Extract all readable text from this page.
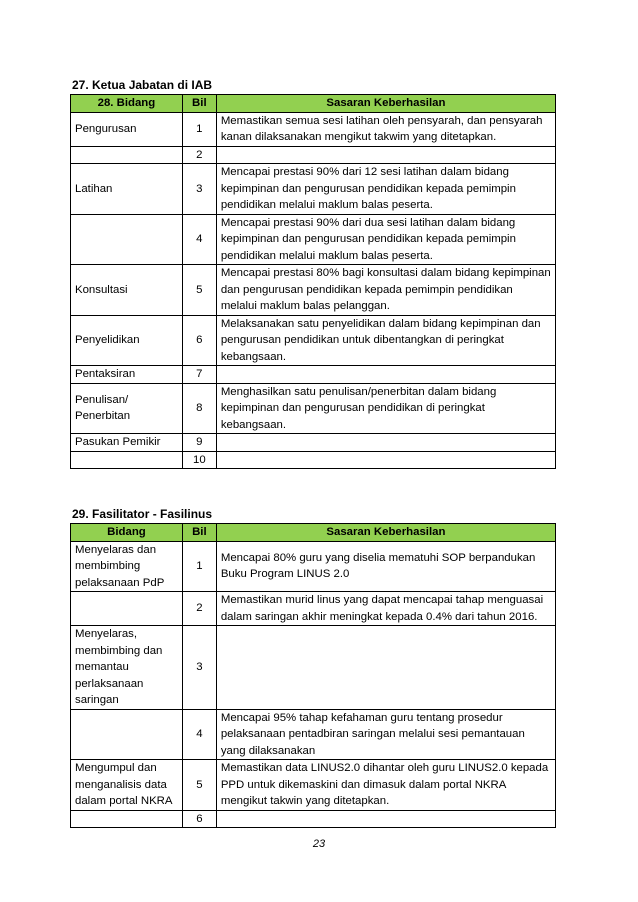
27. Ketua Jabatan di IAB
28. Bidang	Bil	Sasaran Keberhasilan
Pengurusan	1	Memastikan semua sesi latihan oleh pensyarah, dan pensyarah kanan dilaksanakan mengikut takwim yang ditetapkan.
	2	
Latihan	3	Mencapai prestasi 90% dari 12 sesi latihan dalam bidang kepimpinan dan pengurusan pendidikan kepada pemimpin pendidikan melalui maklum balas peserta.
	4	Mencapai prestasi 90% dari dua sesi latihan dalam bidang kepimpinan dan pengurusan pendidikan kepada pemimpin pendidikan melalui maklum balas peserta.
Konsultasi	5	Mencapai prestasi 80% bagi konsultasi dalam bidang kepimpinan dan pengurusan pendidikan kepada pemimpin pendidikan melalui maklum balas pelanggan.
Penyelidikan	6	Melaksanakan satu penyelidikan dalam bidang kepimpinan dan pengurusan pendidikan untuk dibentangkan di peringkat kebangsaan.
Pentaksiran	7	
Penulisan/ Penerbitan	8	Menghasilkan satu penulisan/penerbitan dalam bidang kepimpinan dan pengurusan pendidikan di peringkat kebangsaan.
Pasukan Pemikir	9	
	10	
29. Fasilitator - Fasilinus
Bidang	Bil	Sasaran Keberhasilan
Menyelaras dan membimbing pelaksanaan PdP	1	Mencapai 80% guru yang diselia mematuhi SOP berpandukan Buku Program LINUS 2.0
	2	Memastikan murid linus yang dapat mencapai tahap menguasai dalam saringan akhir meningkat kepada 0.4% dari tahun 2016.
Menyelaras, membimbing dan memantau perlaksanaan saringan	3	
	4	Mencapai 95% tahap kefahaman guru tentang prosedur pelaksanaan pentadbiran saringan melalui sesi pemantauan yang dilaksanakan
Mengumpul dan menganalisis data dalam portal NKRA	5	Memastikan data LINUS2.0 dihantar oleh guru LINUS2.0 kepada PPD untuk dikemaskini dan dimasuk dalam portal NKRA mengikut takwin yang ditetapkan.
	6	
23
